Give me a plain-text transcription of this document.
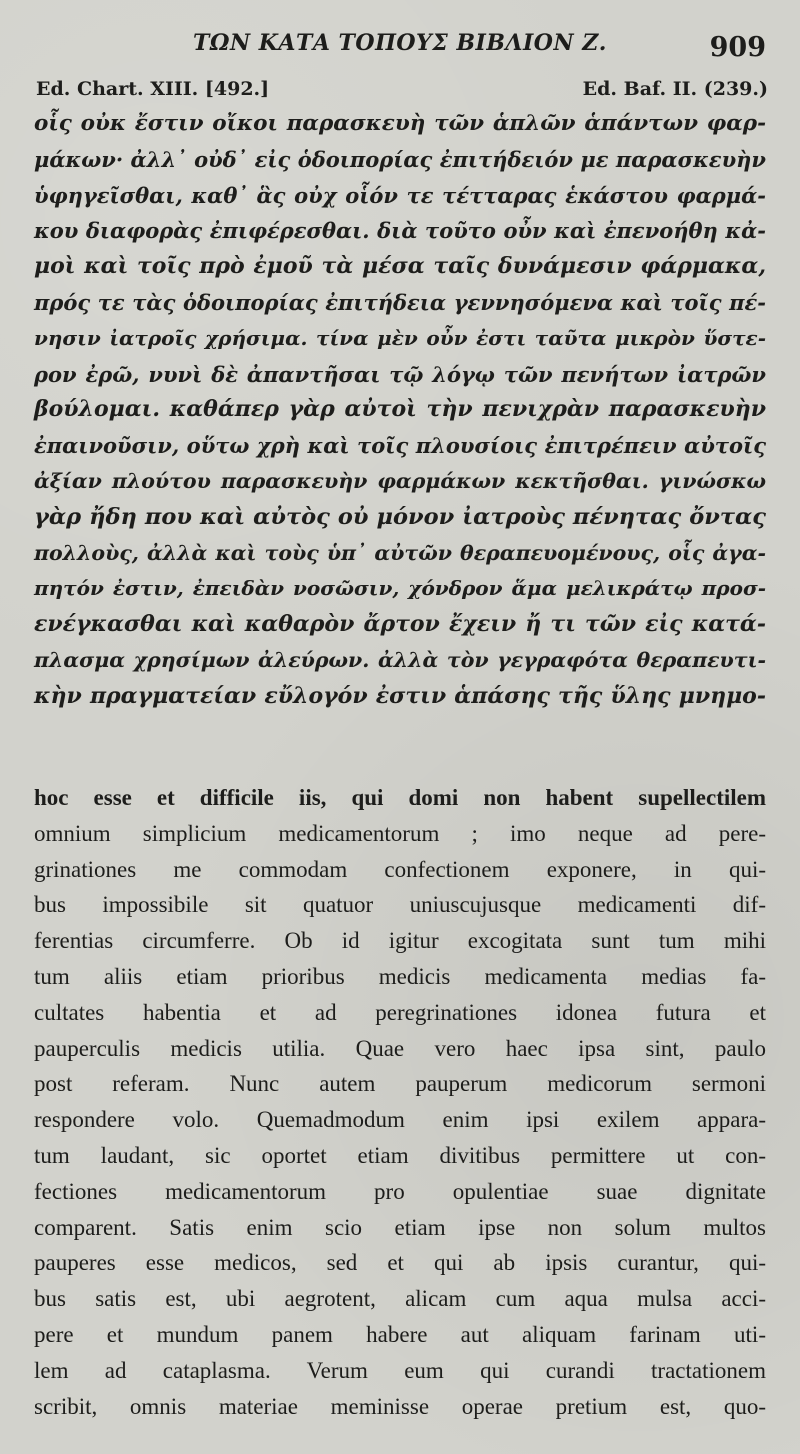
ΤΩΝ ΚΑΤΑ ΤΟΠΟΥΣ ΒΙΒΛΙΟΝ Ζ.	909
Ed. Chart. XIII. [492.]	Ed. Baf. II. (239.)
οἷς οὐκ ἔστιν οἴκοι παρασκευὴ τῶν ἁπλῶν ἁπάντων φαρ-
μάκων· ἀλλ᾽ οὐδ᾽ εἰς ὁδοιπορίας ἐπιτήδειόν με παρασκευὴν
ὑφηγεῖσθαι, καθ᾽ ἃς οὐχ οἷόν τε τέτταρας ἑκάστου φαρμά-
κου διαφορὰς ἐπιφέρεσθαι. διὰ τοῦτο οὖν καὶ ἐπενοήθη κἀ-
μοὶ καὶ τοῖς πρὸ ἐμοῦ τὰ μέσα ταῖς δυνάμεσιν φάρμακα,
πρός τε τὰς ὁδοιπορίας ἐπιτήδεια γεννησόμενα καὶ τοῖς πέ-
νησιν ἰατροῖς χρήσιμα. τίνα μὲν οὖν ἐστι ταῦτα μικρὸν ὕστε-
ρον ἐρῶ, νυνὶ δὲ ἀπαντῆσαι τῷ λόγῳ τῶν πενήτων ἰατρῶν
βούλομαι. καθάπερ γὰρ αὐτοὶ τὴν πενιχρὰν παρασκευὴν
ἐπαινοῦσιν, οὕτω χρὴ καὶ τοῖς πλουσίοις ἐπιτρέπειν αὐτοῖς
ἀξίαν πλούτου παρασκευὴν φαρμάκων κεκτῆσθαι. γινώσκω
γὰρ ἤδη που καὶ αὐτὸς οὐ μόνον ἰατροὺς πένητας ὄντας
πολλοὺς, ἀλλὰ καὶ τοὺς ὑπ᾽ αὐτῶν θεραπευομένους, οἷς ἀγα-
πητόν ἐστιν, ἐπειδὰν νοσῶσιν, χόνδρον ἅμα μελικράτῳ προσ-
ενέγκασθαι καὶ καθαρὸν ἄρτον ἔχειν ἤ τι τῶν εἰς κατά-
πλασμα χρησίμων ἀλεύρων. ἀλλὰ τὸν γεγραφότα θεραπευτι-
κὴν πραγματείαν εὔλογόν ἐστιν ἁπάσης τῆς ὕλης μνημο-
hoc esse et difficile iis, qui domi non habent supellectilem
omnium simplicium medicamentorum ; imo neque ad pere-
grinationes me commodam confectionem exponere, in qui-
bus impossibile sit quatuor uniuscujusque medicamenti dif-
ferentias circumferre. Ob id igitur excogitata sunt tum mihi
tum aliis etiam prioribus medicis medicamenta medias fa-
cultates habentia et ad peregrinationes idonea futura et
pauperculis medicis utilia. Quae vero haec ipsa sint, paulo
post referam. Nunc autem pauperum medicorum sermoni
respondere volo. Quemadmodum enim ipsi exilem appara-
tum laudant, sic oportet etiam divitibus permittere ut con-
fectiones medicamentorum pro opulentiae suae dignitate
comparent. Satis enim scio etiam ipse non solum multos
pauperes esse medicos, sed et qui ab ipsis curantur, qui-
bus satis est, ubi aegrotent, alicam cum aqua mulsa acci-
pere et mundum panem habere aut aliquam farinam uti-
lem ad cataplasma. Verum eum qui curandi tractationem
scribit, omnis materiae meminisse operae pretium est, quo-
